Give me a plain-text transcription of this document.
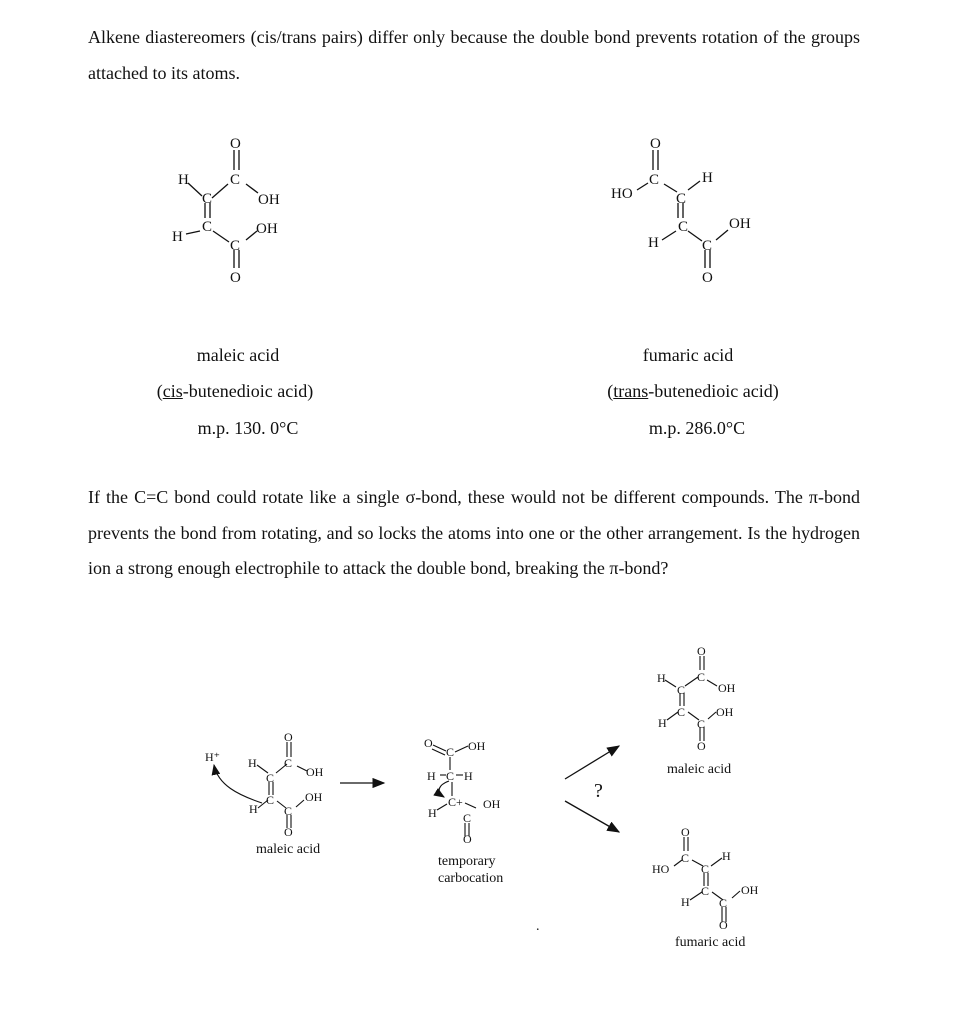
Alkene diastereomers (cis/trans pairs) differ only because the double bond prevents rotation of the groups attached to its atoms.

O
H	C
C	OH
OH
H
C
C
O
O
C	H
HO	C
C	OH
H	C
O
H⁺
O
H C
OH
C
C	OH
H C
O
maleic acid
O
C OH
H C H
C+ OH
H C
O
temporary
carbocation
?
.
O
H	C
OH
C
C	OH
H	C
O
maleic acid
O
C	H
HO	C
C	OH
H C
O
fumaric acid
maleic acid
(cis-butenedioic acid)
m.p. 130. 0°C
fumaric acid
(trans-butenedioic acid)
m.p. 286.0°C

If the C=C bond could rotate like a single σ-bond, these would not be different compounds. The π-bond prevents the bond from rotating, and so locks the atoms into one or the other arrangement. Is the hydrogen ion a strong enough electrophile to attack the double bond, breaking the π-bond?
